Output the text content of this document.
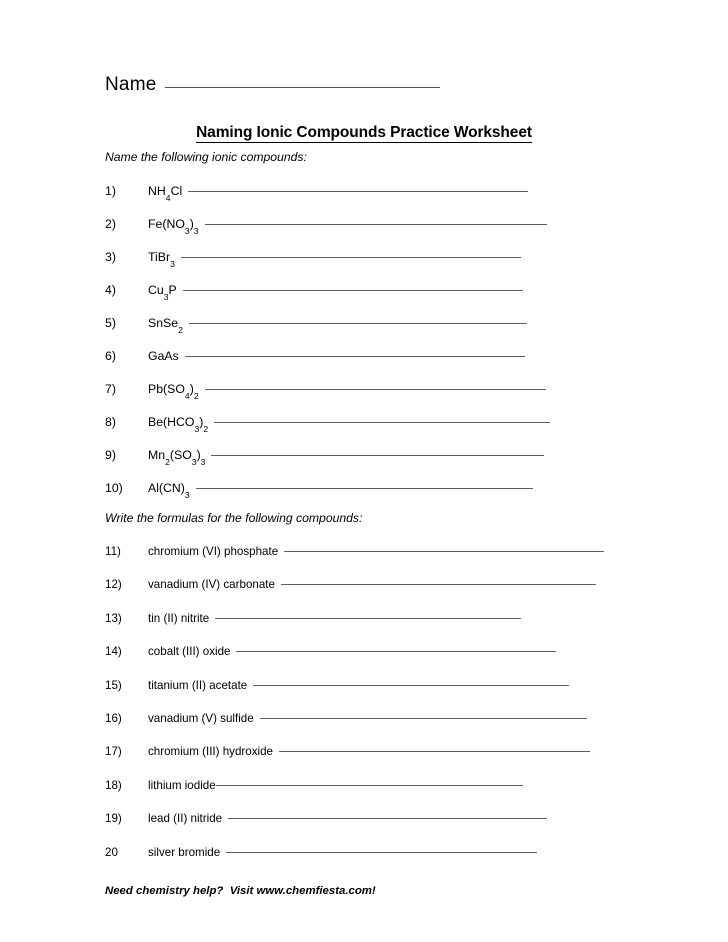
Name
Naming Ionic Compounds Practice Worksheet
Name the following ionic compounds:
1)	$NH_4Cl$
2)	$Fe(NO_3)_3$
3)	TiBr$_3$
4)	$Cu_3P$
5)	SnSe$_2$
6)	GaAs
7)	$Pb(SO_4)_2$
8)	$Be(HCO_3)_2$
9)	$Mn_2(SO_3)_3$
10)	$Al(CN)_3$
Write the formulas for the following compounds:
11)	chromium (VI) phosphate
12)	vanadium (IV) carbonate
13)	tin (II) nitrite
14)	cobalt (III) oxide
15)	titanium (II) acetate
16)	vanadium (V) sulfide
17)	chromium (III) hydroxide
18)	lithium iodide
19)	lead (II) nitride
20	silver bromide
Need chemistry help?  Visit www.chemfiesta.com!
